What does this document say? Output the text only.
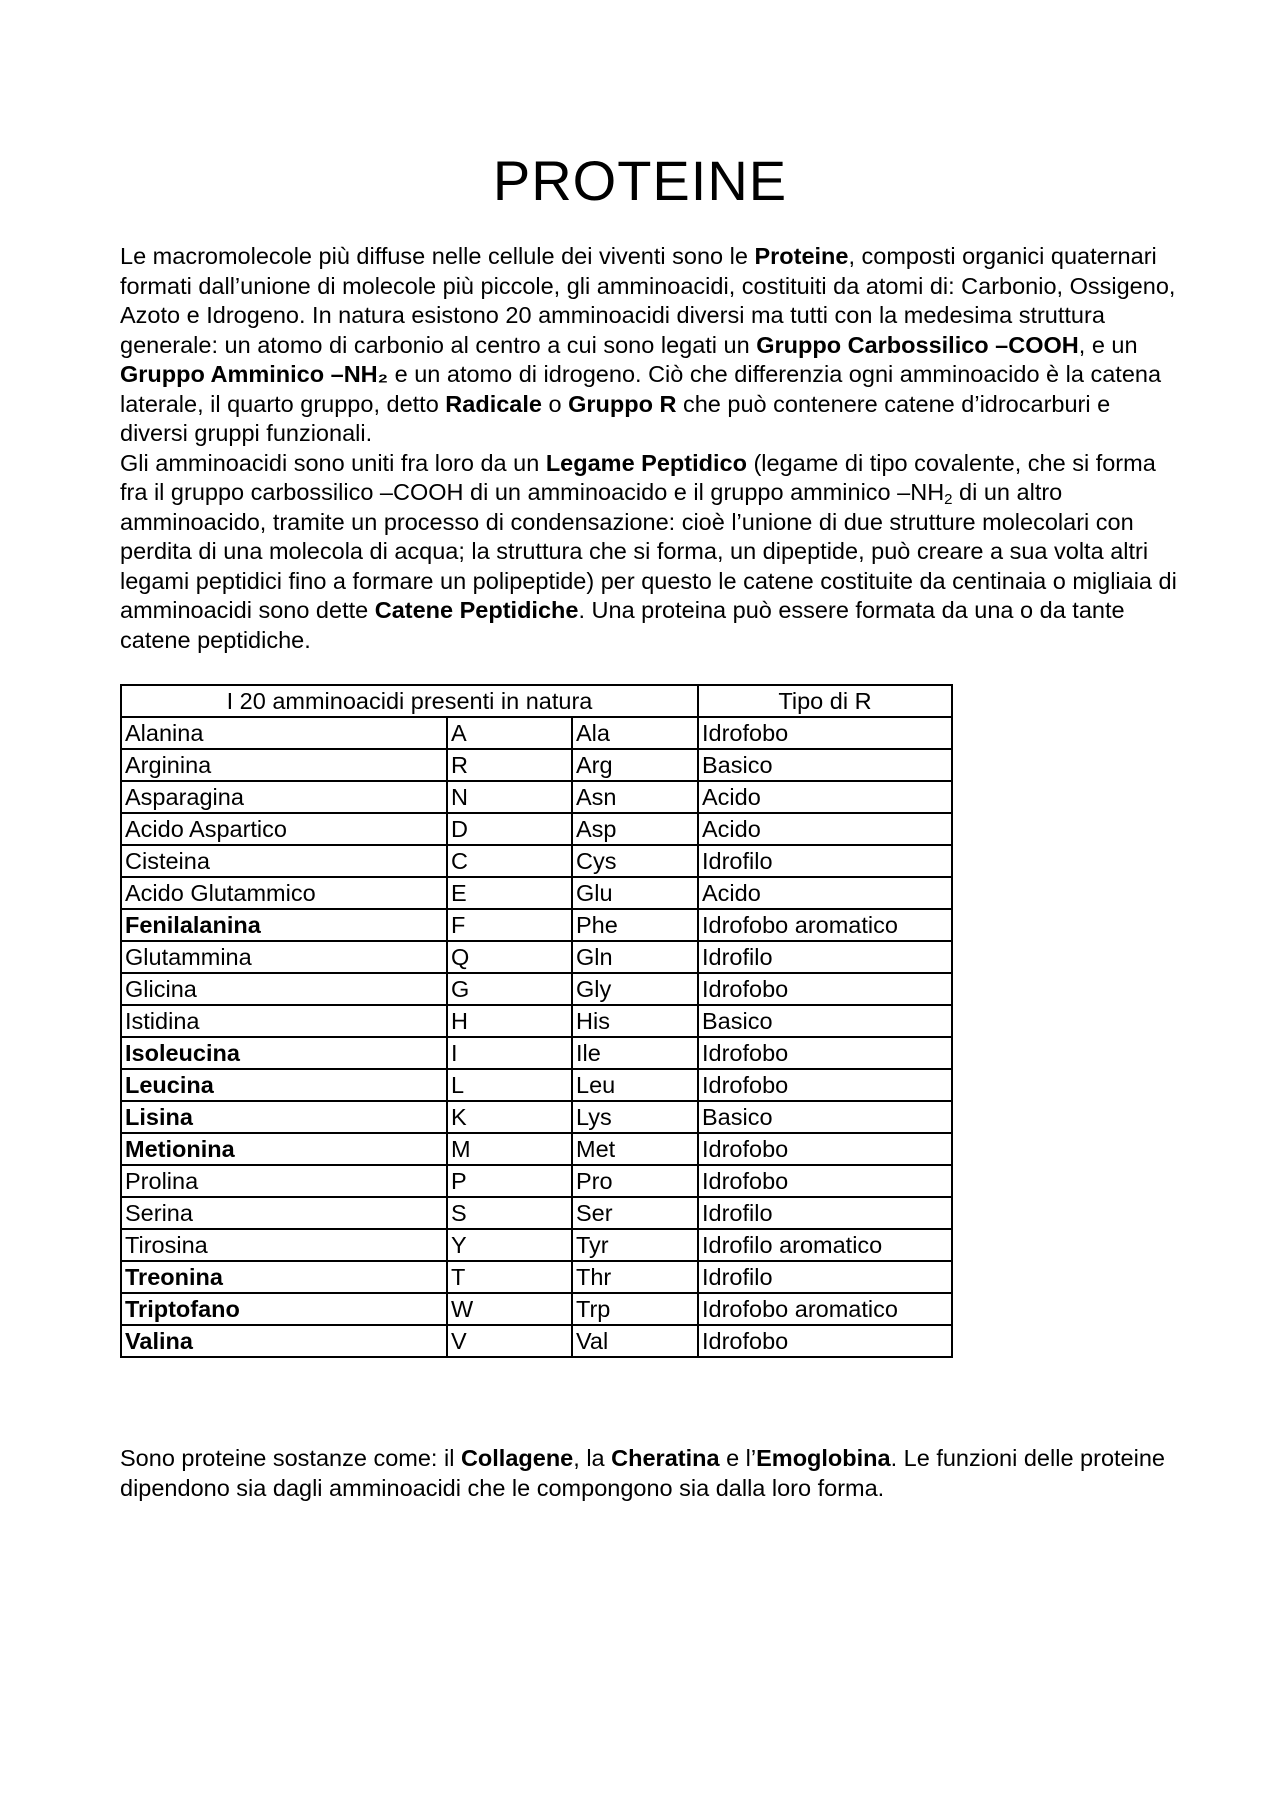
PROTEINE

Le macromolecole più diffuse nelle cellule dei viventi sono le Proteine, composti organici quaternari formati dall’unione di molecole più piccole, gli amminoacidi, costituiti da atomi di: Carbonio, Ossigeno, Azoto e Idrogeno. In natura esistono 20 amminoacidi diversi ma tutti con la medesima struttura generale: un atomo di carbonio al centro a cui sono legati un Gruppo Carbossilico –COOH, e un Gruppo Amminico –NH₂ e un atomo di idrogeno. Ciò che differenzia ogni amminoacido è la catena laterale, il quarto gruppo, detto Radicale o Gruppo R che può contenere catene d’idrocarburi e diversi gruppi funzionali.
Gli amminoacidi sono uniti fra loro da un Legame Peptidico (legame di tipo covalente, che si forma fra il gruppo carbossilico –COOH di un amminoacido e il gruppo amminico $-NH_2$ di un altro amminoacido, tramite un processo di condensazione: cioè l’unione di due strutture molecolari con perdita di una molecola di acqua; la struttura che si forma, un dipeptide, può creare a sua volta altri legami peptidici fino a formare un polipeptide) per questo le catene costituite da centinaia o migliaia di amminoacidi sono dette Catene Peptidiche. Una proteina può essere formata da una o da tante catene peptidiche.

I 20 amminoacidi presenti in natura			Tipo di R
Alanina	A	Ala	Idrofobo
Arginina	R	Arg	Basico
Asparagina	N	Asn	Acido
Acido Aspartico	D	Asp	Acido
Cisteina	C	Cys	Idrofilo
Acido Glutammico	E	Glu	Acido
Fenilalanina	F	Phe	Idrofobo aromatico
Glutammina	Q	Gln	Idrofilo
Glicina	G	Gly	Idrofobo
Istidina	H	His	Basico
Isoleucina	I	Ile	Idrofobo
Leucina	L	Leu	Idrofobo
Lisina	K	Lys	Basico
Metionina	M	Met	Idrofobo
Prolina	P	Pro	Idrofobo
Serina	S	Ser	Idrofilo
Tirosina	Y	Tyr	Idrofilo aromatico
Treonina	T	Thr	Idrofilo
Triptofano	W	Trp	Idrofobo aromatico
Valina	V	Val	Idrofobo

Sono proteine sostanze come: il Collagene, la Cheratina e l’Emoglobina. Le funzioni delle proteine dipendono sia dagli amminoacidi che le compongono sia dalla loro forma.
